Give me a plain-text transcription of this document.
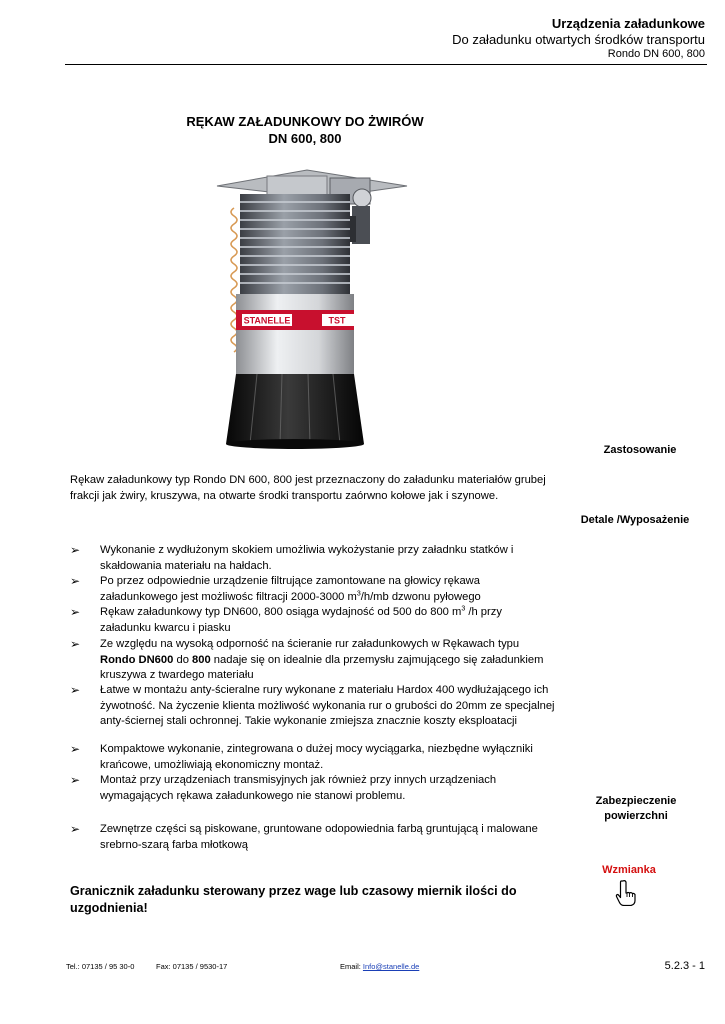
Urządzenia załadunkowe
Do załadunku otwartych środków transportu
Rondo DN 600, 800
RĘKAW ZAŁADUNKOWY DO ŻWIRÓW
DN 600, 800
STANELLE	TST
Zastosowanie
Detale /Wyposażenie
Zabezpieczenie
powierzchni
Wzmianka
Rękaw załadunkowy typ Rondo DN 600, 800 jest przeznaczony do załadunku materiałów grubej frakcji jak żwiry, kruszywa, na otwarte środki transportu zaórwno kołowe jak i szynowe.
➢ Wykonanie z wydłużonym skokiem umożliwia wykożystanie przy załadnku statków i skałdowania materiału na hałdach.
➢ Po przez odpowiednie urządzenie filtrujące zamontowane na głowicy rękawa załadunkowego jest możliwośc filtracji 2000-3000 $m^3/h/mb$ dzwonu pyłowego
➢ Rękaw załadunkowy typ DN600, 800 osiąga wydajność od 500 do 800 $m^3$ /h przy załadunku kwarcu i piasku
➢ Ze względu na wysoką odporność na ścieranie rur załadunkowych w Rękawach typu Rondo DN600 do 800 nadaje się on idealnie dla przemysłu zajmującego się załadunkiem kruszywa z twardego materiału
➢ Łatwe w montażu anty-ścieralne rury wykonane z materiału Hardox 400 wydłużającego ich żywotność. Na życzenie klienta możliwość wykonania rur o grubości do 20mm ze specjalnej anty-ściernej stali ochronnej. Takie wykonanie zmiejsza znacznie koszty eksploatacji
➢ Kompaktowe wykonanie, zintegrowana o dużej mocy wyciągarka, niezbędne wyłączniki krańcowe, umożliwiają ekonomiczny montaż.
➢ Montaż przy urządzeniach transmisyjnych jak również przy innych urządzeniach wymagających rękawa załadunkowego nie stanowi problemu.
➢ Zewnętrze części są piskowane, gruntowane odopowiednia farbą gruntującą i malowane srebrno-szarą farba młotkową
Granicznik załadunku sterowany przez wage lub czasowy miernik ilości do uzgodnienia!
Tel.: 07135 / 95 30-0	Fax: 07135 / 9530-17	Email: Info@stanelle.de	5.2.3 - 1
